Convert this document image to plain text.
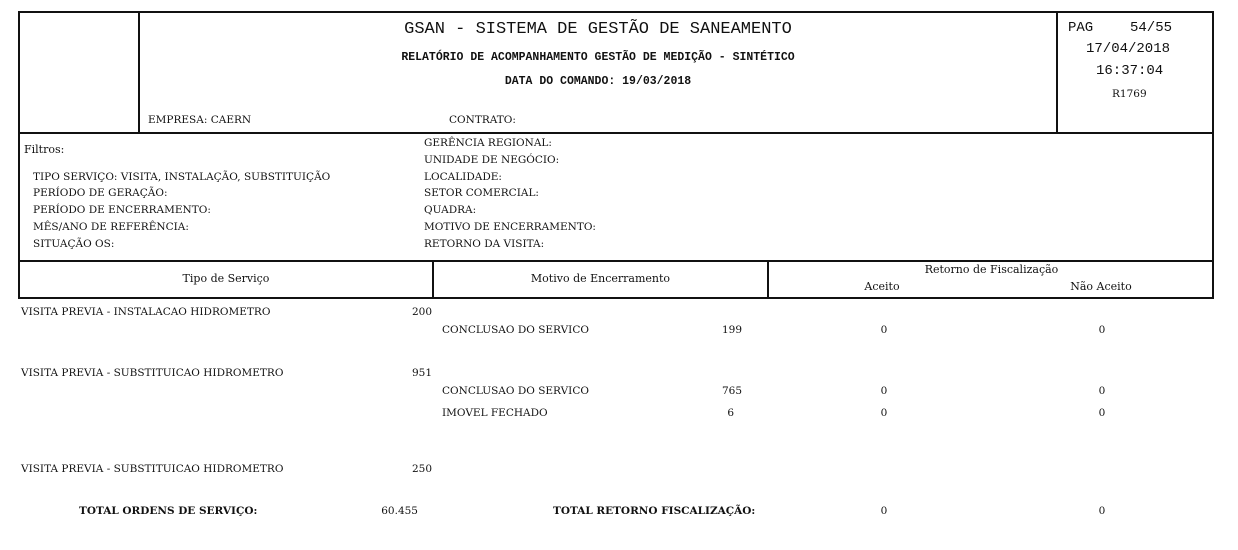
GSAN - SISTEMA DE GESTÃO DE SANEAMENTO
RELATÓRIO DE ACOMPANHAMENTO GESTÃO DE MEDIÇÃO - SINTÉTICO
DATA DO COMANDO: 19/03/2018
EMPRESA: CAERN	CONTRATO:
PAG	54/55
17/04/2018
16:37:04
R1769
Filtros:
TIPO SERVIÇO: VISITA, INSTALAÇÃO, SUBSTITUIÇÃO
PERÍODO DE GERAÇÃO:
PERÍODO DE ENCERRAMENTO:
MÊS/ANO DE REFERÊNCIA:
SITUAÇÃO OS:
GERÊNCIA REGIONAL:
UNIDADE DE NEGÓCIO:
LOCALIDADE:
SETOR COMERCIAL:
QUADRA:
MOTIVO DE ENCERRAMENTO:
RETORNO DA VISITA:
Tipo de Serviço	Motivo de Encerramento
Retorno de Fiscalização
Aceito	Não Aceito
VISITA PREVIA - INSTALACAO HIDROMETRO	200
CONCLUSAO DO SERVICO	199	0	0
VISITA PREVIA - SUBSTITUICAO HIDROMETRO	951
CONCLUSAO DO SERVICO	765	0	0
IMOVEL FECHADO	6	0	0
VISITA PREVIA - SUBSTITUICAO HIDROMETRO	250
TOTAL ORDENS DE SERVIÇO:	60.455	TOTAL RETORNO FISCALIZAÇÃO:	0	0
